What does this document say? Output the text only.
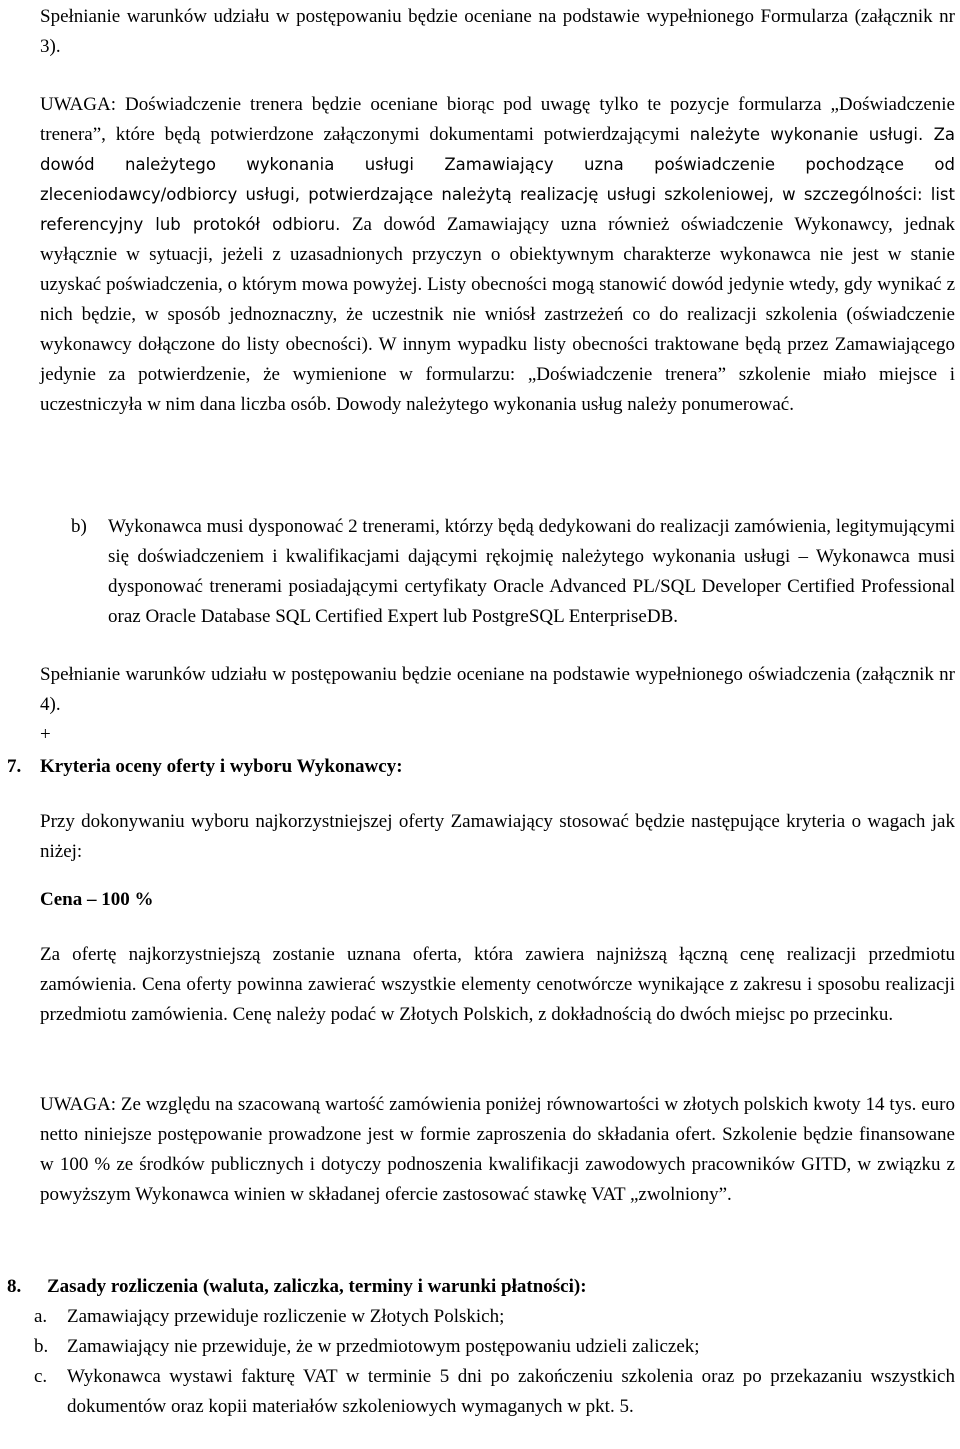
Spełnianie warunków udziału w postępowaniu będzie oceniane na podstawie wypełnionego Formularza (załącznik nr 3).

UWAGA: Doświadczenie trenera będzie oceniane biorąc pod uwagę tylko te pozycje formularza „Doświadczenie trenera”, które będą potwierdzone załączonymi dokumentami potwierdzającymi należyte wykonanie usługi. Za dowód należytego wykonania usługi Zamawiający uzna poświadczenie pochodzące od zleceniodawcy/odbiorcy usługi, potwierdzające należytą realizację usługi szkoleniowej, w szczególności: list referencyjny lub protokół odbioru. Za dowód Zamawiający uzna również oświadczenie Wykonawcy, jednak wyłącznie w sytuacji, jeżeli z uzasadnionych przyczyn o obiektywnym charakterze wykonawca nie jest w stanie uzyskać poświadczenia, o którym mowa powyżej. Listy obecności mogą stanowić dowód jedynie wtedy, gdy wynikać z nich będzie, w sposób jednoznaczny, że uczestnik nie wniósł zastrzeżeń co do realizacji szkolenia (oświadczenie wykonawcy dołączone do listy obecności). W innym wypadku listy obecności traktowane będą przez Zamawiającego jedynie za potwierdzenie, że wymienione w formularzu: „Doświadczenie trenera” szkolenie miało miejsce i uczestniczyła w nim dana liczba osób. Dowody należytego wykonania usług należy ponumerować.

b) Wykonawca musi dysponować 2 trenerami, którzy będą dedykowani do realizacji zamówienia, legitymującymi się doświadczeniem i kwalifikacjami dającymi rękojmię należytego wykonania usługi – Wykonawca musi dysponować trenerami posiadającymi certyfikaty Oracle Advanced PL/SQL Developer Certified Professional oraz Oracle Database SQL Certified Expert lub PostgreSQL EnterpriseDB.

Spełnianie warunków udziału w postępowaniu będzie oceniane na podstawie wypełnionego oświadczenia (załącznik nr 4).

+
7. Kryteria oceny oferty i wyboru Wykonawcy:

Przy dokonywaniu wyboru najkorzystniejszej oferty Zamawiający stosować będzie następujące kryteria o wagach jak niżej:

Cena – 100 %

Za ofertę najkorzystniejszą zostanie uznana oferta, która zawiera najniższą łączną cenę realizacji przedmiotu zamówienia. Cena oferty powinna zawierać wszystkie elementy cenotwórcze wynikające z zakresu i sposobu realizacji przedmiotu zamówienia. Cenę należy podać w Złotych Polskich, z dokładnością do dwóch miejsc po przecinku.

UWAGA: Ze względu na szacowaną wartość zamówienia poniżej równowartości w złotych polskich kwoty 14 tys. euro netto niniejsze postępowanie prowadzone jest w formie zaproszenia do składania ofert. Szkolenie będzie finansowane w 100 % ze środków publicznych i dotyczy podnoszenia kwalifikacji zawodowych pracowników GITD, w związku z powyższym Wykonawca winien w składanej ofercie zastosować stawkę VAT „zwolniony”.

8. Zasady rozliczenia (waluta, zaliczka, terminy i warunki płatności):
a. Zamawiający przewiduje rozliczenie w Złotych Polskich;

b. Zamawiający nie przewiduje, że w przedmiotowym postępowaniu udzieli zaliczek;

c. Wykonawca wystawi fakturę VAT w terminie 5 dni po zakończeniu szkolenia oraz po przekazaniu wszystkich dokumentów oraz kopii materiałów szkoleniowych wymaganych w pkt. 5.
